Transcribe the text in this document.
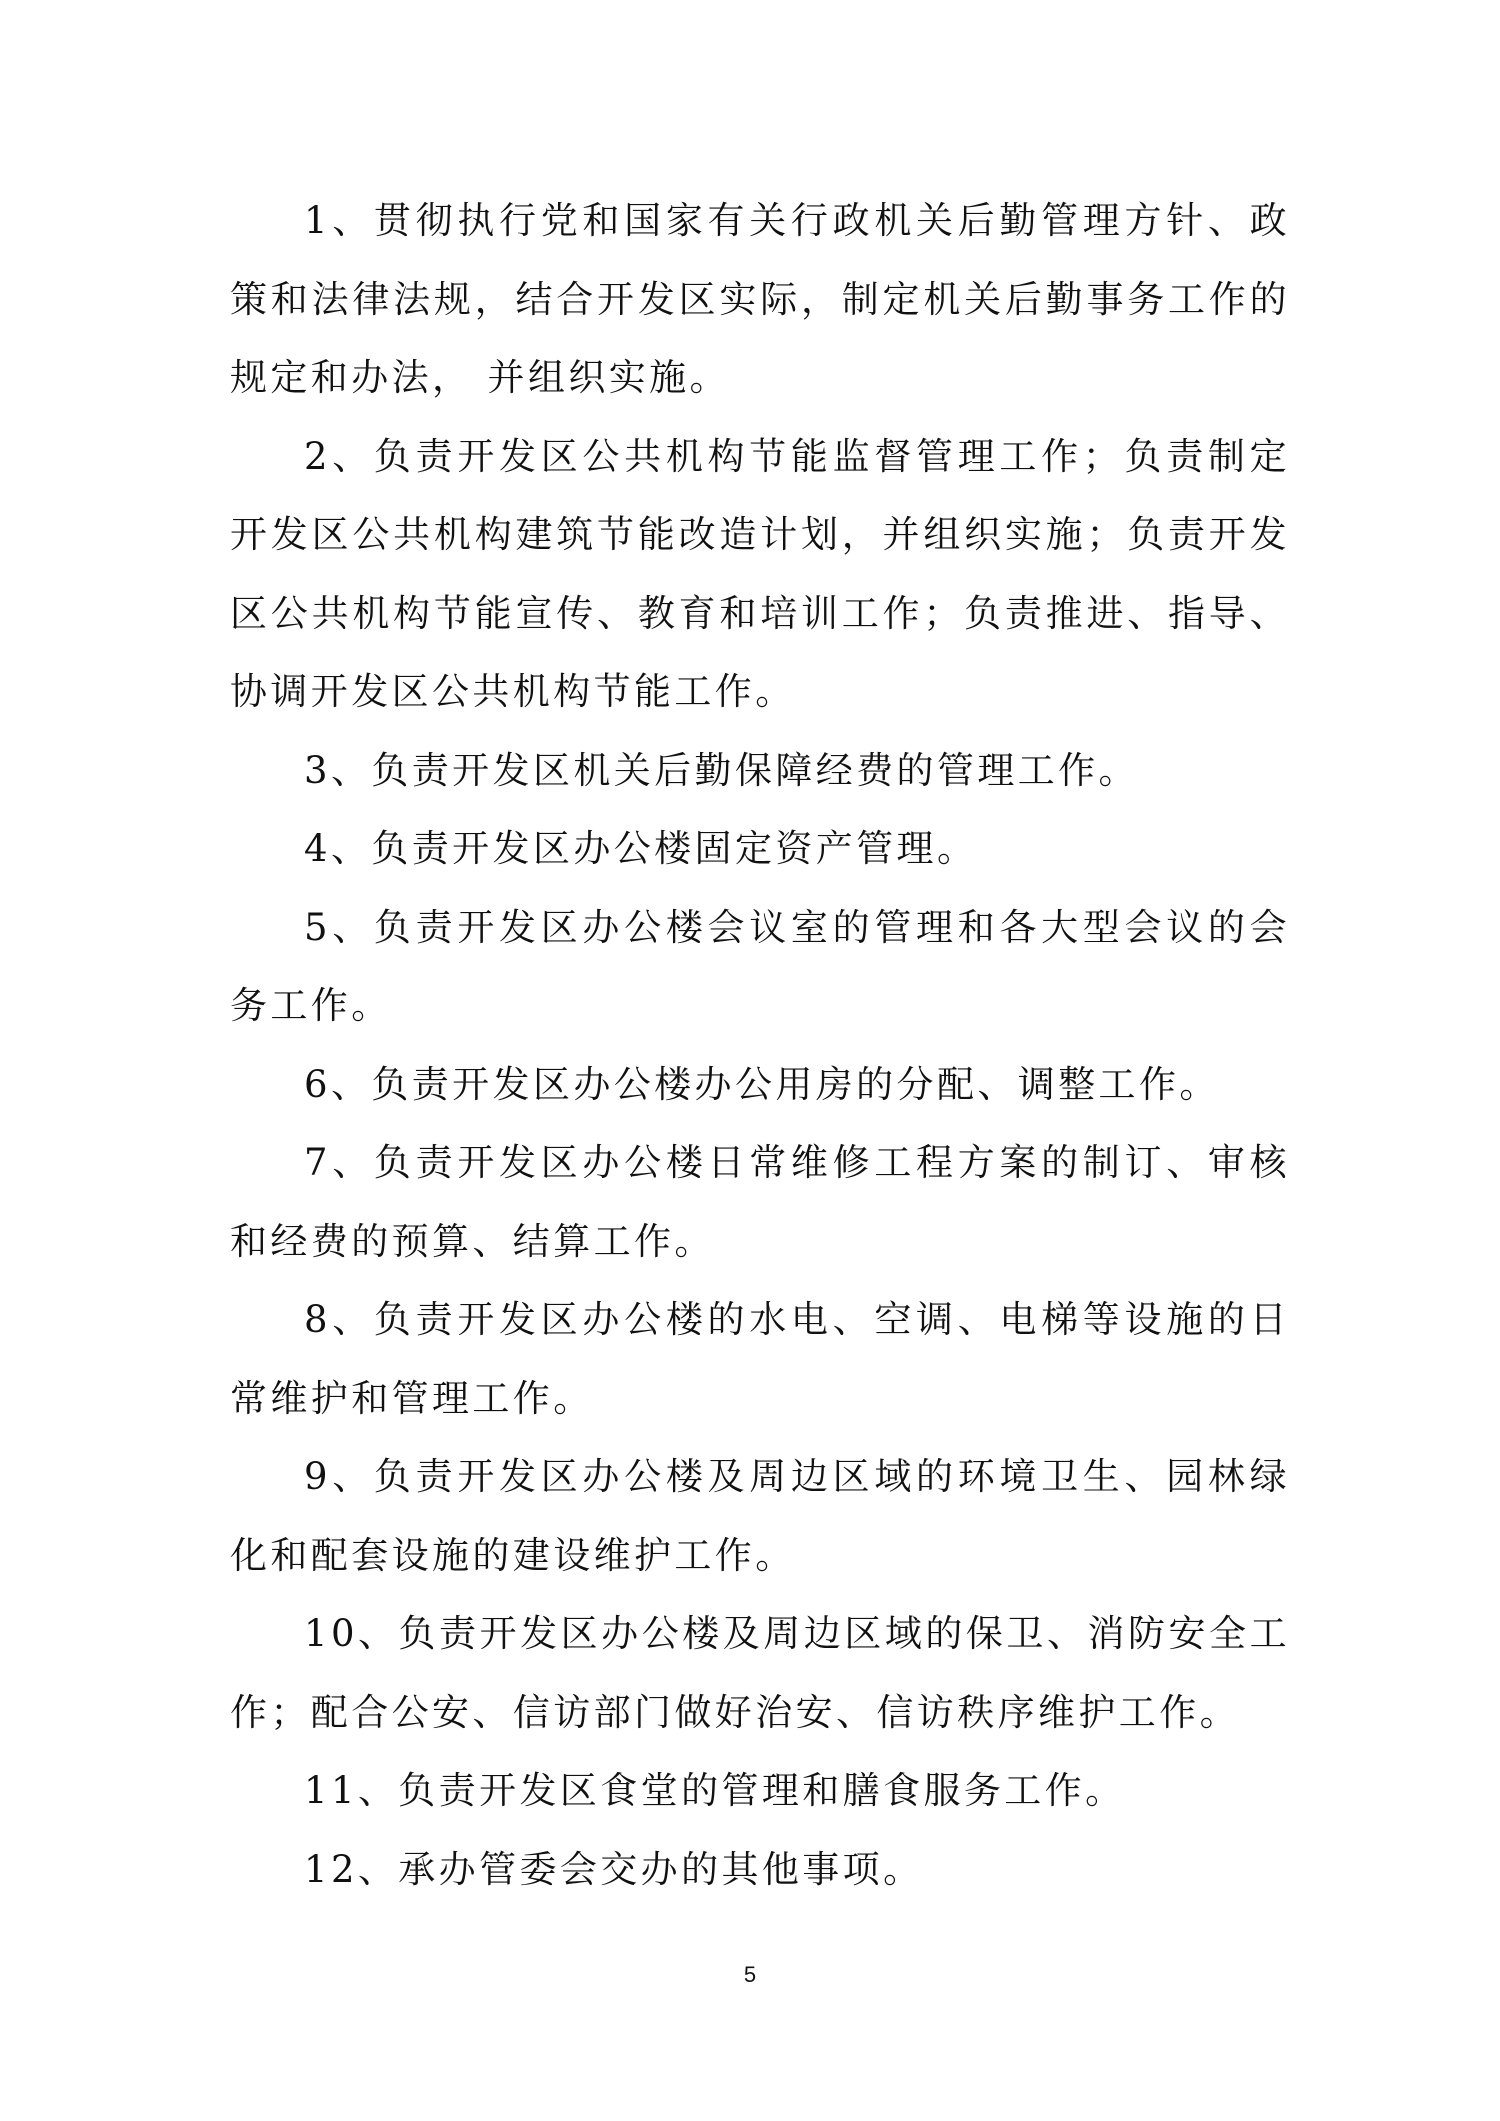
1、贯彻执行党和国家有关行政机关后勤管理方针、政策和法律法规，结合开发区实际，制定机关后勤事务工作的规定和办法， 并组织实施。

2、负责开发区公共机构节能监督管理工作；负责制定开发区公共机构建筑节能改造计划，并组织实施；负责开发区公共机构节能宣传、教育和培训工作；负责推进、指导、协调开发区公共机构节能工作。

3、负责开发区机关后勤保障经费的管理工作。

4、负责开发区办公楼固定资产管理。

5、负责开发区办公楼会议室的管理和各大型会议的会务工作。

6、负责开发区办公楼办公用房的分配、调整工作。

7、负责开发区办公楼日常维修工程方案的制订、审核和经费的预算、结算工作。

8、负责开发区办公楼的水电、空调、电梯等设施的日常维护和管理工作。

9、负责开发区办公楼及周边区域的环境卫生、园林绿化和配套设施的建设维护工作。

10、负责开发区办公楼及周边区域的保卫、消防安全工作；配合公安、信访部门做好治安、信访秩序维护工作。

11、负责开发区食堂的管理和膳食服务工作。

12、承办管委会交办的其他事项。

5
